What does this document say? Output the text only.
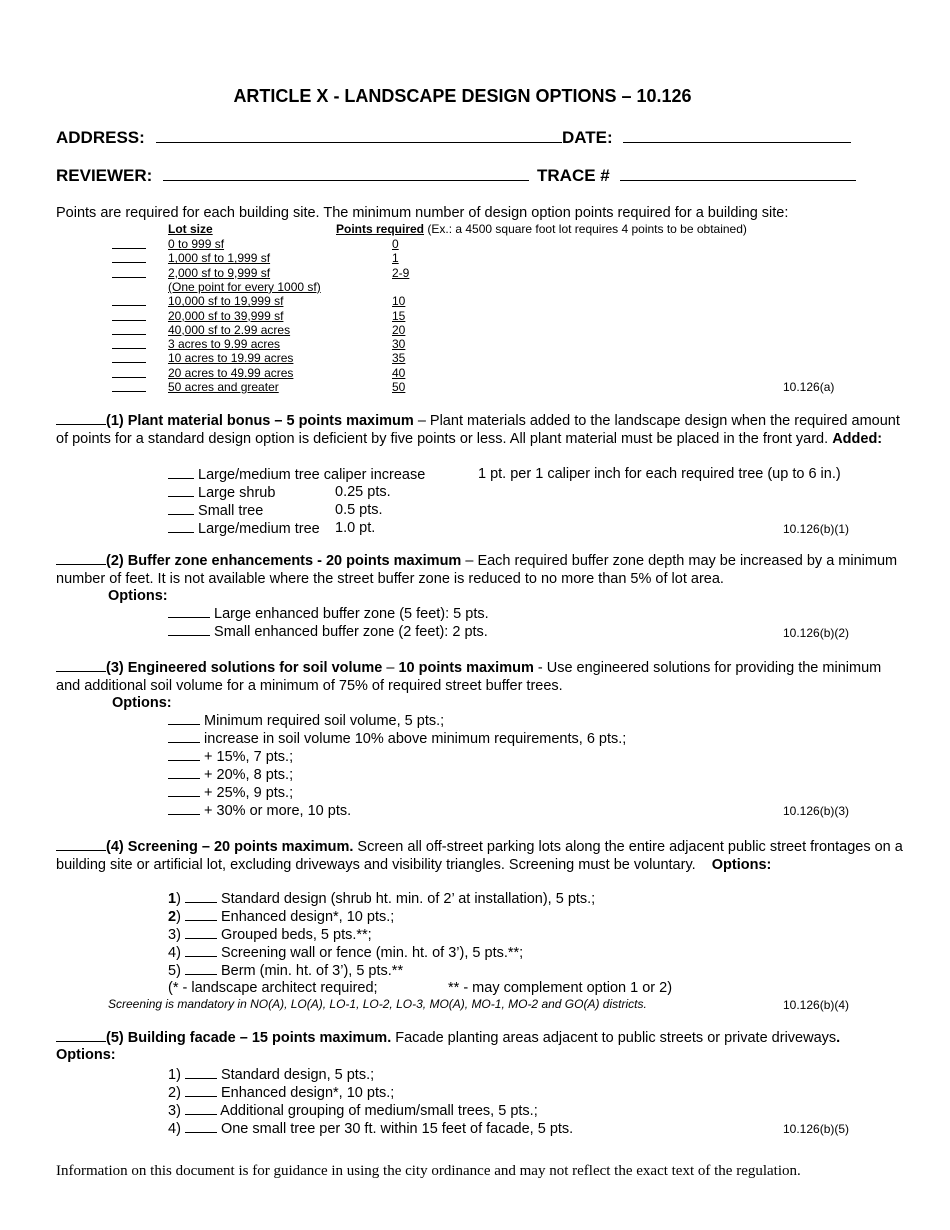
ARTICLE X - LANDSCAPE DESIGN OPTIONS – 10.126
ADDRESS:	DATE:
REVIEWER:	TRACE #
Points are required for each building site. The minimum number of design option points required for a building site:
Lot size	Points required (Ex.: a 4500 square foot lot requires 4 points to be obtained)
0 to 999 sf	0
1,000 sf to 1,999 sf	1
2,000 sf to 9,999 sf	2-9
(One point for every 1000 sf)
10,000 sf to 19,999 sf	10
20,000 sf to 39,999 sf	15
40,000 sf to 2.99 acres	20
3 acres to 9.99 acres	30
10 acres to 19.99 acres	35
20 acres to 49.99 acres	40
50 acres and greater	50	10.126(a)
(1) Plant material bonus – 5 points maximum – Plant materials added to the landscape design when the required amount of points for a standard design option is deficient by five points or less. All plant material must be placed in the front yard. Added:
Large/medium tree caliper increase	1 pt. per 1 caliper inch for each required tree (up to 6 in.)
Large shrub	0.25 pts.
Small tree	0.5 pts.
Large/medium tree 1.0 pt.	10.126(b)(1)
(2) Buffer zone enhancements - 20 points maximum – Each required buffer zone depth may be increased by a minimum number of feet. It is not available where the street buffer zone is reduced to no more than 5% of lot area.
Options:
Large enhanced buffer zone (5 feet): 5 pts.
Small enhanced buffer zone (2 feet): 2 pts.	10.126(b)(2)
(3) Engineered solutions for soil volume – 10 points maximum - Use engineered solutions for providing the minimum and additional soil volume for a minimum of 75% of required street buffer trees.
Options:
Minimum required soil volume, 5 pts.;
increase in soil volume 10% above minimum requirements, 6 pts.;
+ 15%, 7 pts.;
+ 20%, 8 pts.;
+ 25%, 9 pts.;
+ 30% or more, 10 pts.	10.126(b)(3)
(4) Screening – 20 points maximum. Screen all off-street parking lots along the entire adjacent public street frontages on a building site or artificial lot, excluding driveways and visibility triangles. Screening must be voluntary. Options:
1)  Standard design (shrub ht. min. of 2’ at installation), 5 pts.;
2)  Enhanced design*, 10 pts.;
3)  Grouped beds, 5 pts.**;
4)  Screening wall or fence (min. ht. of 3’), 5 pts.**;
5)  Berm (min. ht. of 3’), 5 pts.**
(* - landscape architect required;	** - may complement option 1 or 2)
Screening is mandatory in NO(A), LO(A), LO-1, LO-2, LO-3, MO(A), MO-1, MO-2 and GO(A) districts.	10.126(b)(4)
(5) Building facade – 15 points maximum. Facade planting areas adjacent to public streets or private driveways.
Options:
1)  Standard design, 5 pts.;
2)  Enhanced design*, 10 pts.;
3)  Additional grouping of medium/small trees, 5 pts.;
4)  One small tree per 30 ft. within 15 feet of facade, 5 pts.	10.126(b)(5)
Information on this document is for guidance in using the city ordinance and may not reflect the exact text of the regulation.
